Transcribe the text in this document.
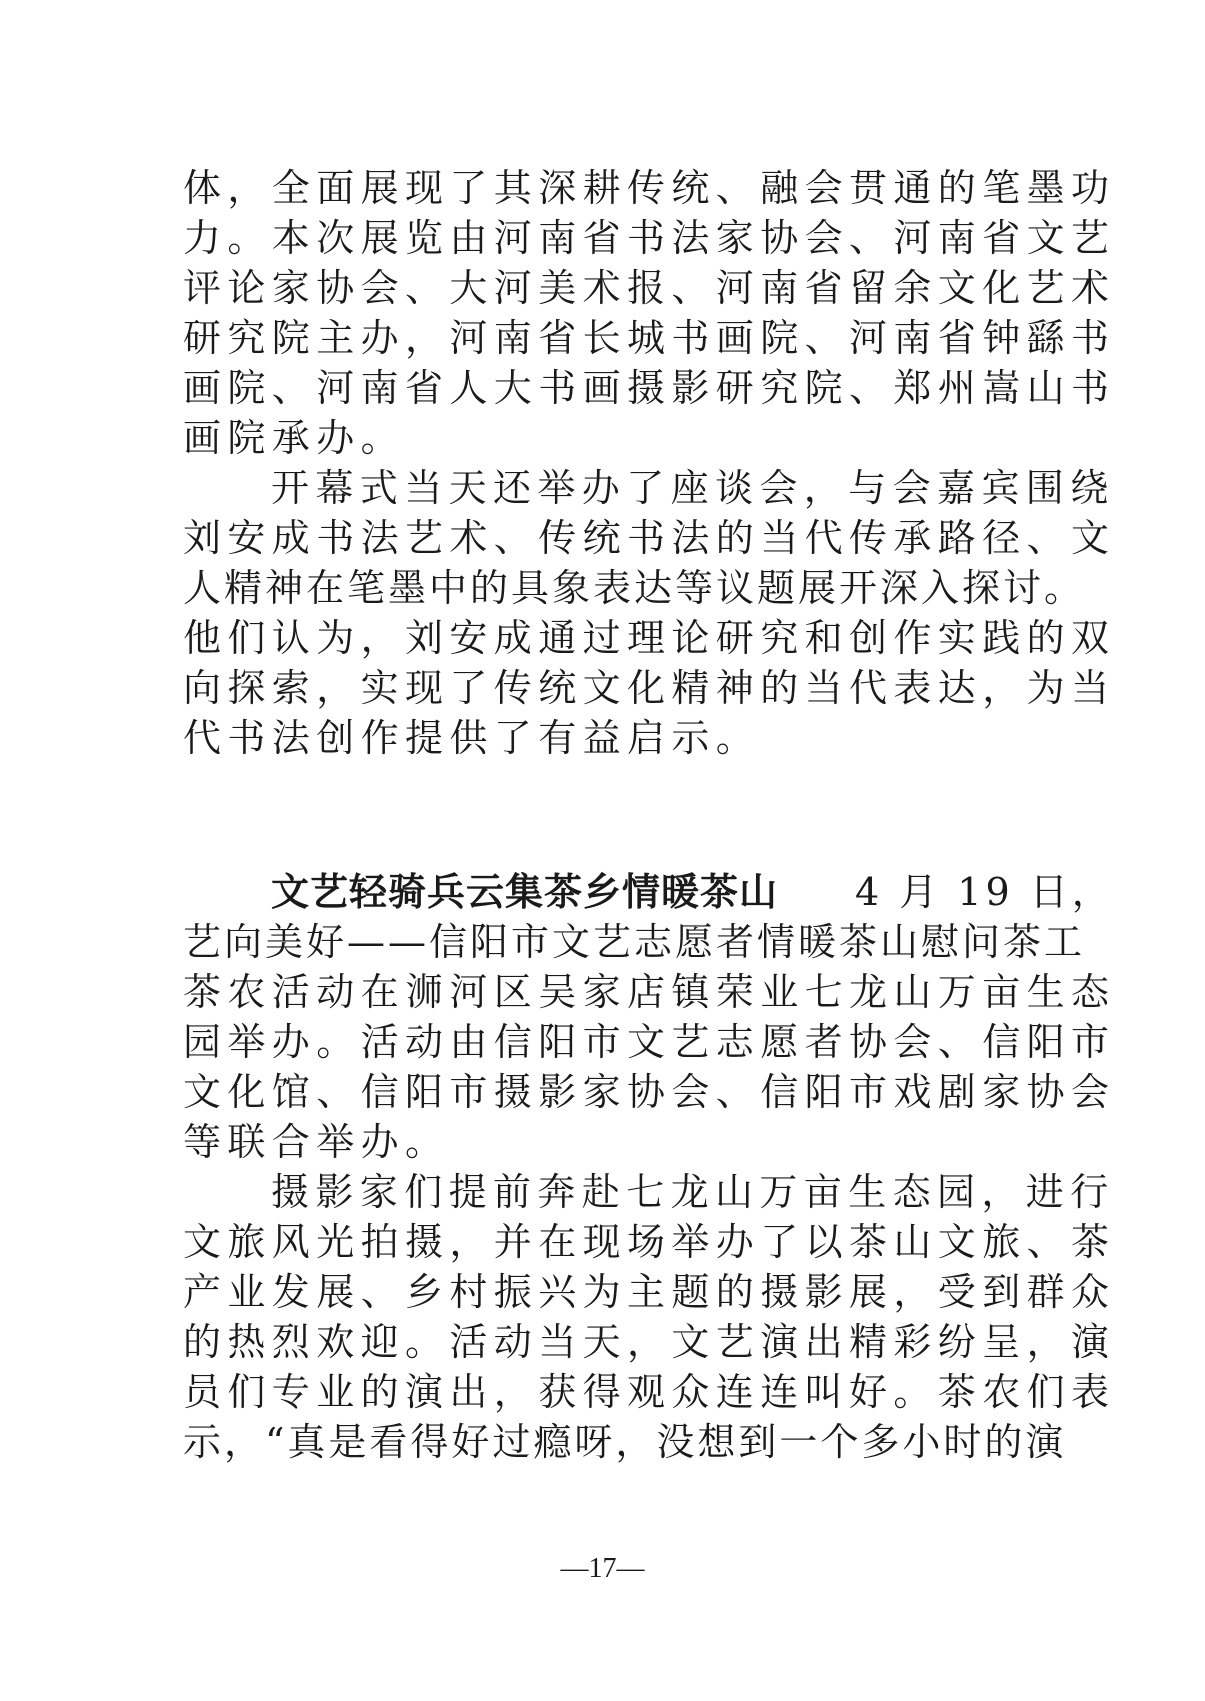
体，全面展现了其深耕传统、融会贯通的笔墨功
力。本次展览由河南省书法家协会、河南省文艺
评论家协会、大河美术报、河南省留余文化艺术
研究院主办，河南省长城书画院、河南省钟繇书
画院、河南省人大书画摄影研究院、郑州嵩山书
画院承办。
开幕式当天还举办了座谈会，与会嘉宾围绕
刘安成书法艺术、传统书法的当代传承路径、文
人精神在笔墨中的具象表达等议题展开深入探讨。
他们认为，刘安成通过理论研究和创作实践的双
向探索，实现了传统文化精神的当代表达，为当
代书法创作提供了有益启示。
文艺轻骑兵云集茶乡情暖茶山 4 月 19 日，
艺向美好——信阳市文艺志愿者情暖茶山慰问茶工
茶农活动在浉河区吴家店镇荣业七龙山万亩生态
园举办。活动由信阳市文艺志愿者协会、信阳市
文化馆、信阳市摄影家协会、信阳市戏剧家协会
等联合举办。
摄影家们提前奔赴七龙山万亩生态园，进行
文旅风光拍摄，并在现场举办了以茶山文旅、茶
产业发展、乡村振兴为主题的摄影展，受到群众
的热烈欢迎。活动当天，文艺演出精彩纷呈，演
员们专业的演出，获得观众连连叫好。茶农们表
示，“真是看得好过瘾呀，没想到一个多小时的演
—17—
